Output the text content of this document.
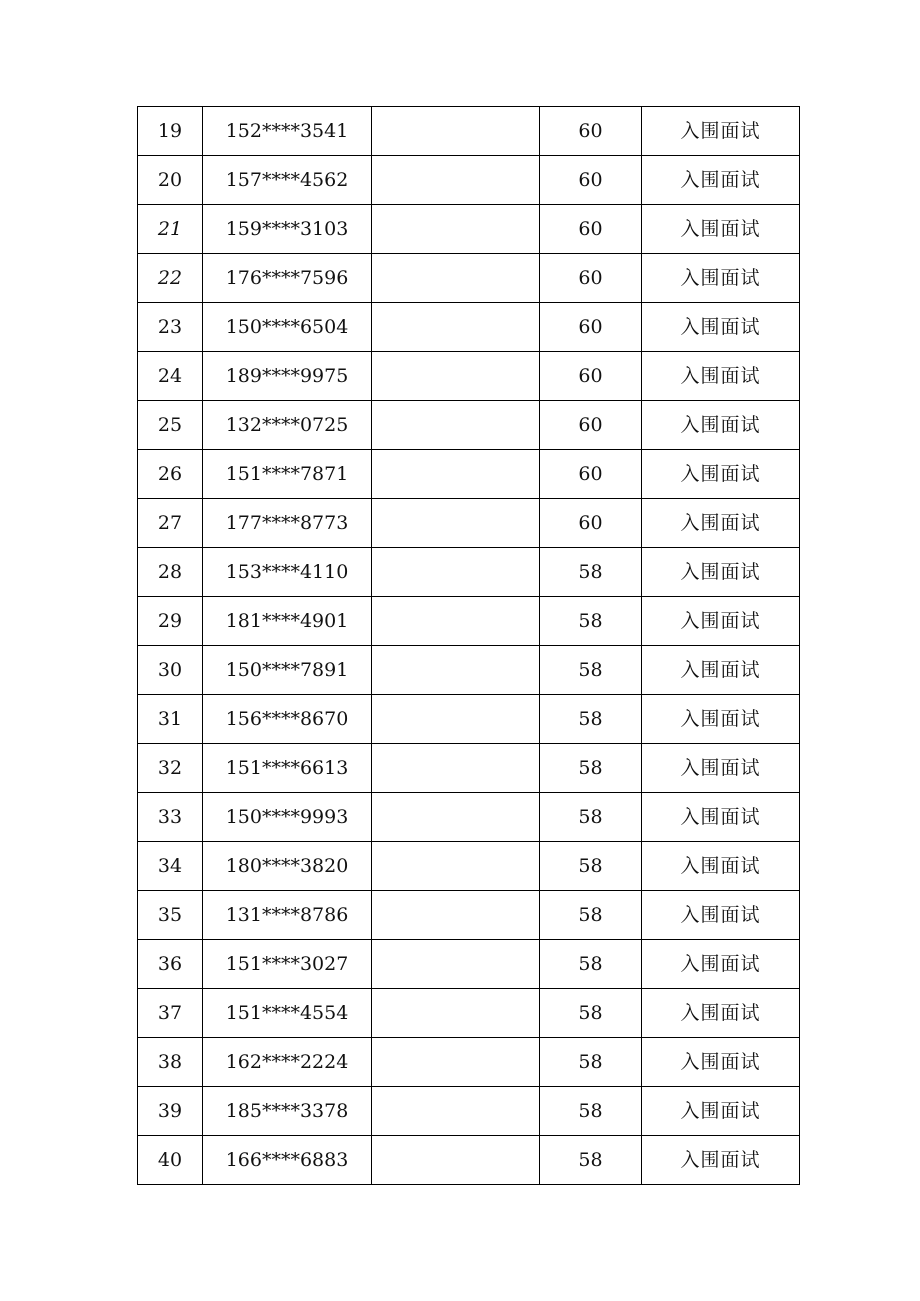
19	152****3541		60	入围面试
20	157****4562		60	入围面试
21	159****3103		60	入围面试
22	176****7596		60	入围面试
23	150****6504		60	入围面试
24	189****9975		60	入围面试
25	132****0725		60	入围面试
26	151****7871		60	入围面试
27	177****8773		60	入围面试
28	153****4110		58	入围面试
29	181****4901		58	入围面试
30	150****7891		58	入围面试
31	156****8670		58	入围面试
32	151****6613		58	入围面试
33	150****9993		58	入围面试
34	180****3820		58	入围面试
35	131****8786		58	入围面试
36	151****3027		58	入围面试
37	151****4554		58	入围面试
38	162****2224		58	入围面试
39	185****3378		58	入围面试
40	166****6883		58	入围面试
